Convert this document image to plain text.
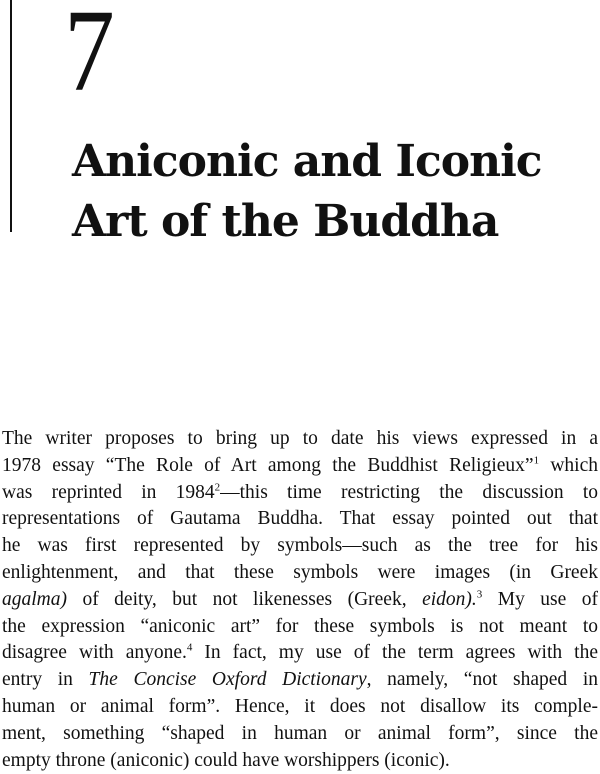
7
Aniconic and Iconic
Art of the Buddha
The writer proposes to bring up to date his views expressed in a
1978 essay “The Role of Art among the Buddhist Religieux”$^1$ which
was reprinted in 1984$^2$—this time restricting the discussion to
representations of Gautama Buddha. That essay pointed out that
he was first represented by symbols—such as the tree for his
enlightenment, and that these symbols were images (in Greek
agalma) of deity, but not likenesses (Greek, eidon).$^3$ My use of
the expression “aniconic art” for these symbols is not meant to
disagree with anyone.$^4$ In fact, my use of the term agrees with the
entry in The Concise Oxford Dictionary, namely, “not shaped in
human or animal form”. Hence, it does not disallow its comple-
ment, something “shaped in human or animal form”, since the
empty throne (aniconic) could have worshippers (iconic).
